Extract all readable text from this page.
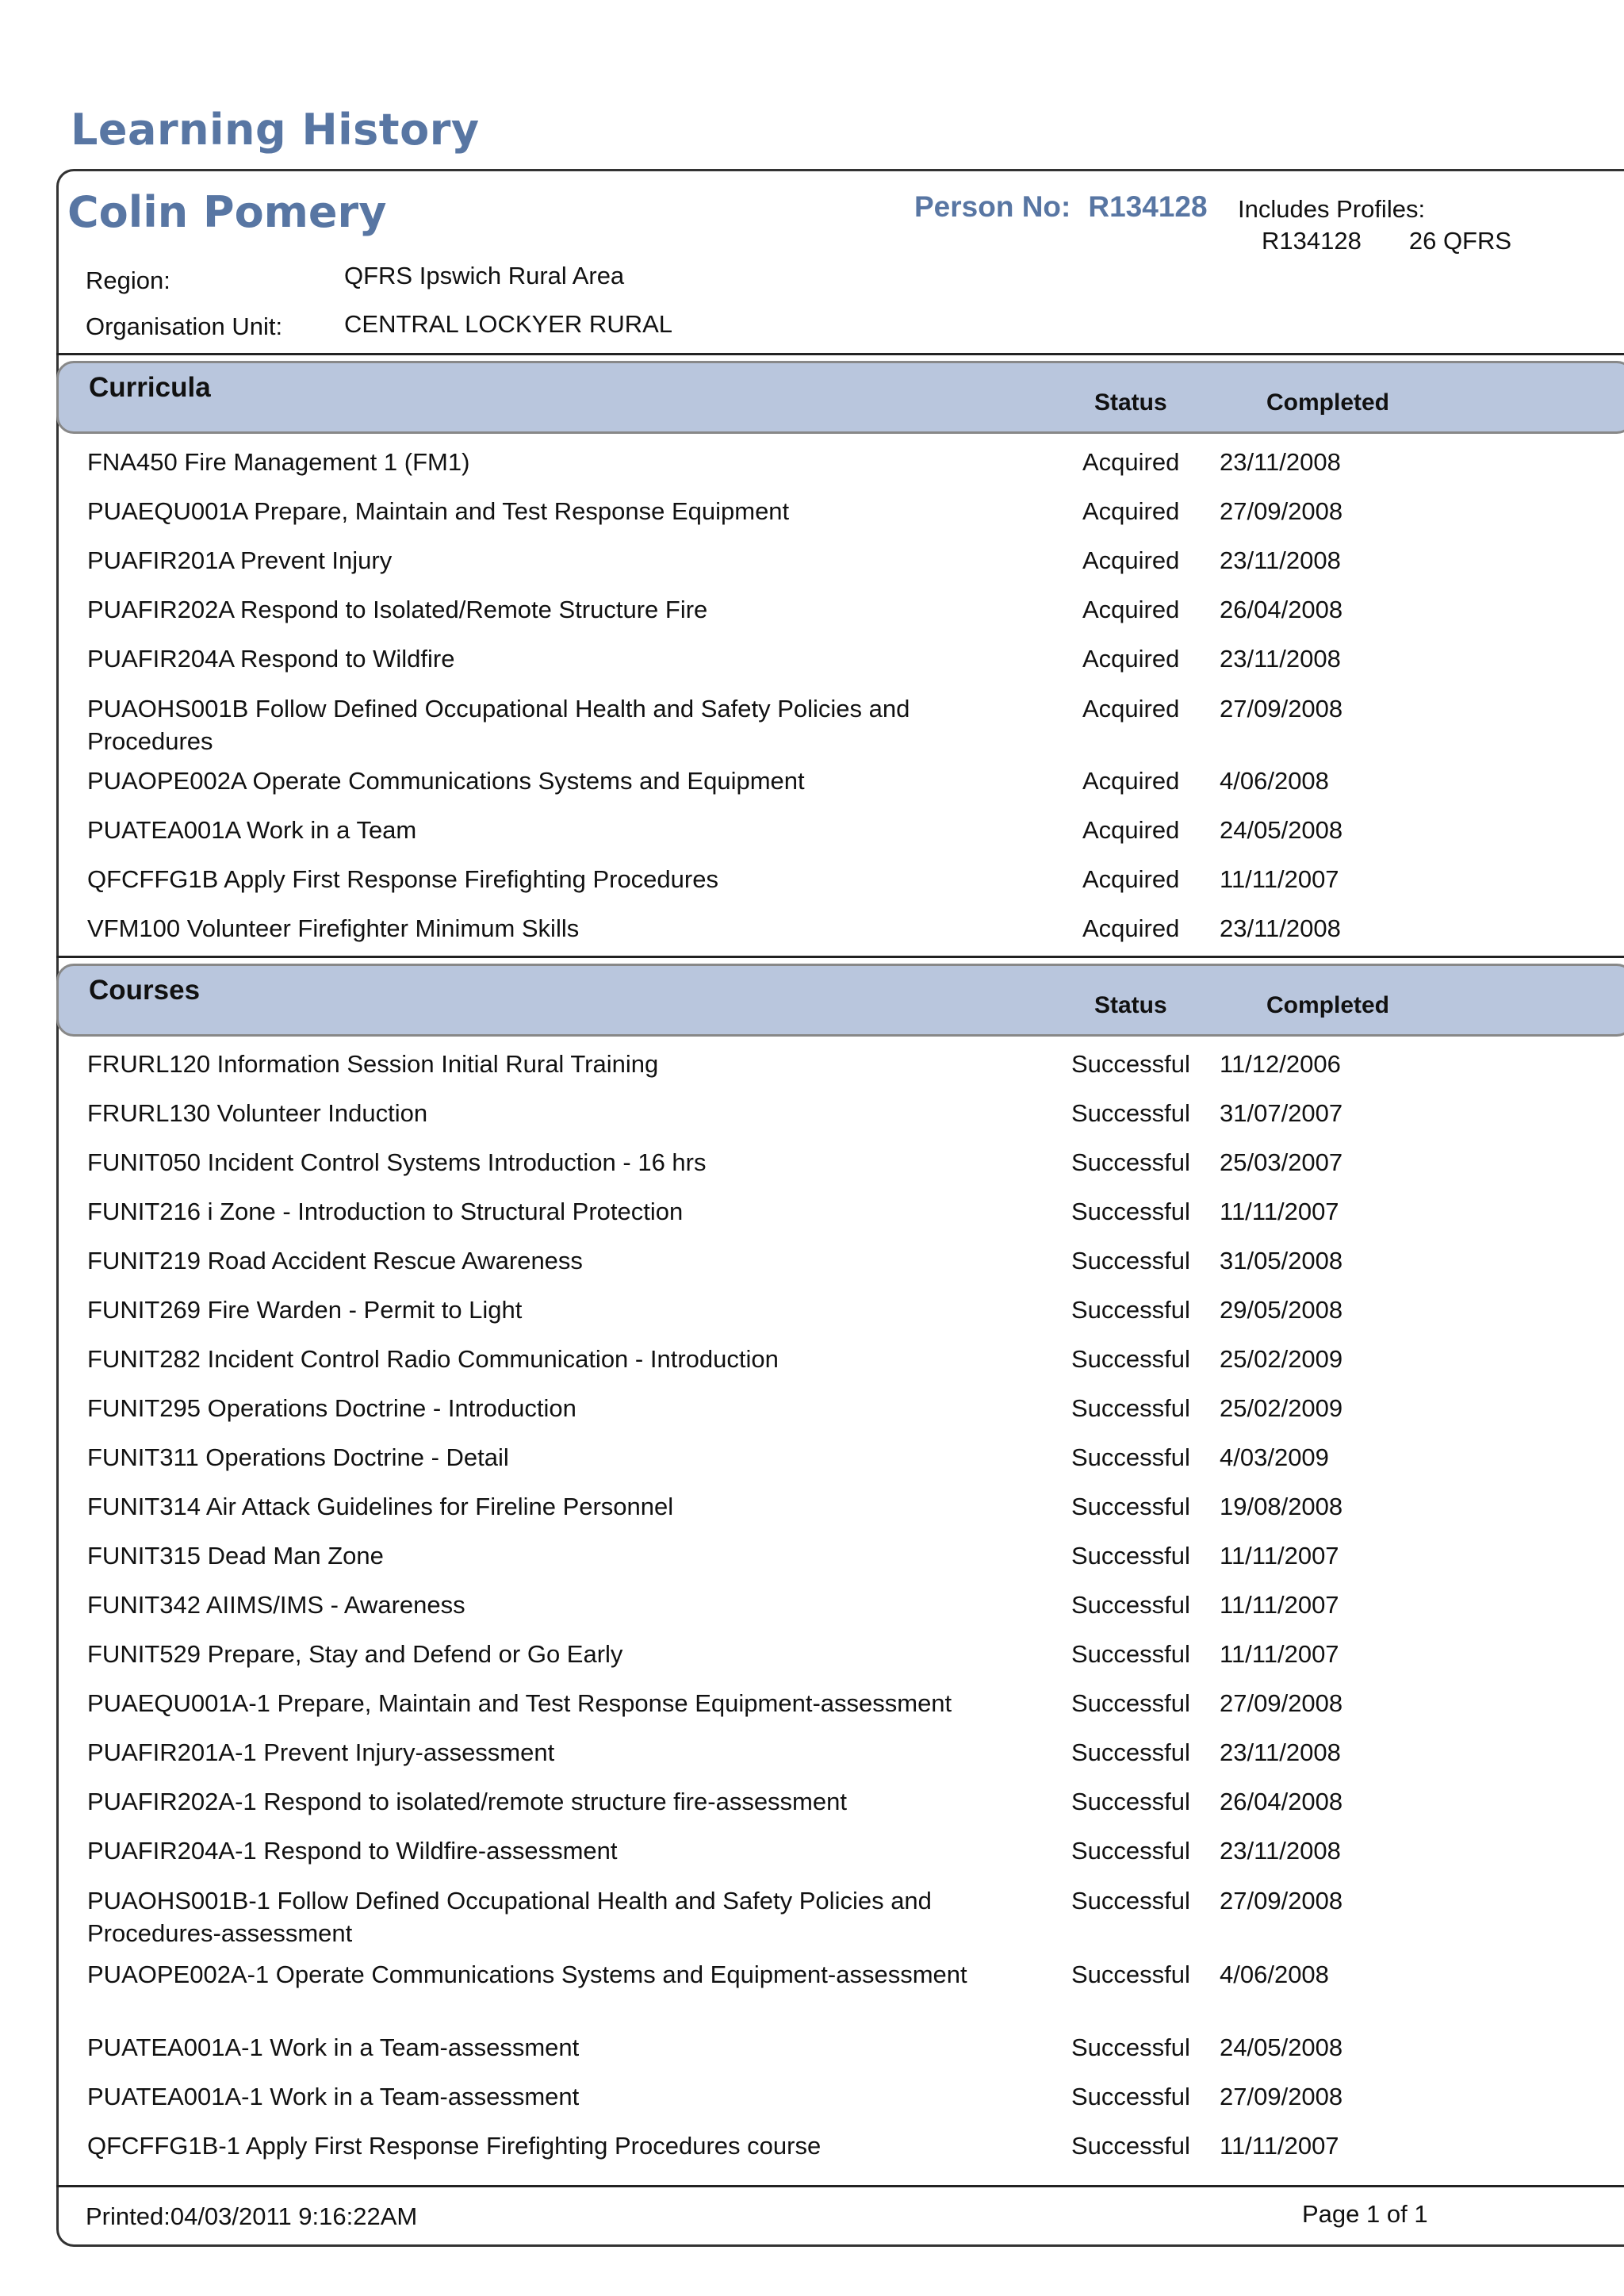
Learning History
Colin Pomery	Person No: R134128 Includes Profiles:
R134128 26 QFRS
Region:	QFRS Ipswich Rural Area
Organisation Unit:	CENTRAL LOCKYER RURAL
Curricula	Status	Completed
FNA450 Fire Management 1 (FM1)	Acquired 23/11/2008
PUAEQU001A Prepare, Maintain and Test Response Equipment	Acquired 27/09/2008
PUAFIR201A Prevent Injury	Acquired 23/11/2008
PUAFIR202A Respond to Isolated/Remote Structure Fire	Acquired 26/04/2008
PUAFIR204A Respond to Wildfire	Acquired 23/11/2008
PUAOHS001B Follow Defined Occupational Health and Safety Policies and Procedures
Acquired 27/09/2008
PUAOPE002A Operate Communications Systems and Equipment	Acquired 4/06/2008
PUATEA001A Work in a Team	Acquired 24/05/2008
QFCFFG1B Apply First Response Firefighting Procedures	Acquired 11/11/2007
VFM100 Volunteer Firefighter Minimum Skills	Acquired 23/11/2008
Courses	Status	Completed
FRURL120 Information Session Initial Rural Training	Successful 11/12/2006
FRURL130 Volunteer Induction	Successful 31/07/2007
FUNIT050 Incident Control Systems Introduction - 16 hrs	Successful 25/03/2007
FUNIT216 i Zone - Introduction to Structural Protection	Successful 11/11/2007
FUNIT219 Road Accident Rescue Awareness	Successful 31/05/2008
FUNIT269 Fire Warden - Permit to Light	Successful 29/05/2008
FUNIT282 Incident Control Radio Communication - Introduction	Successful 25/02/2009
FUNIT295 Operations Doctrine - Introduction	Successful 25/02/2009
FUNIT311 Operations Doctrine - Detail	Successful 4/03/2009
FUNIT314 Air Attack Guidelines for Fireline Personnel	Successful 19/08/2008
FUNIT315 Dead Man Zone	Successful 11/11/2007
FUNIT342 AIIMS/IMS - Awareness	Successful 11/11/2007
FUNIT529 Prepare, Stay and Defend or Go Early	Successful 11/11/2007
PUAEQU001A-1 Prepare, Maintain and Test Response Equipment-assessment	Successful 27/09/2008
PUAFIR201A-1 Prevent Injury-assessment	Successful 23/11/2008
PUAFIR202A-1 Respond to isolated/remote structure fire-assessment	Successful 26/04/2008
PUAFIR204A-1 Respond to Wildfire-assessment	Successful 23/11/2008
PUAOHS001B-1 Follow Defined Occupational Health and Safety Policies and Procedures-assessment
Successful 27/09/2008
PUAOPE002A-1 Operate Communications Systems and Equipment-assessment	Successful 4/06/2008
PUATEA001A-1 Work in a Team-assessment	Successful 24/05/2008
PUATEA001A-1 Work in a Team-assessment	Successful 27/09/2008
QFCFFG1B-1 Apply First Response Firefighting Procedures course	Successful 11/11/2007
Printed:04/03/2011 9:16:22AM	Page 1 of 1
